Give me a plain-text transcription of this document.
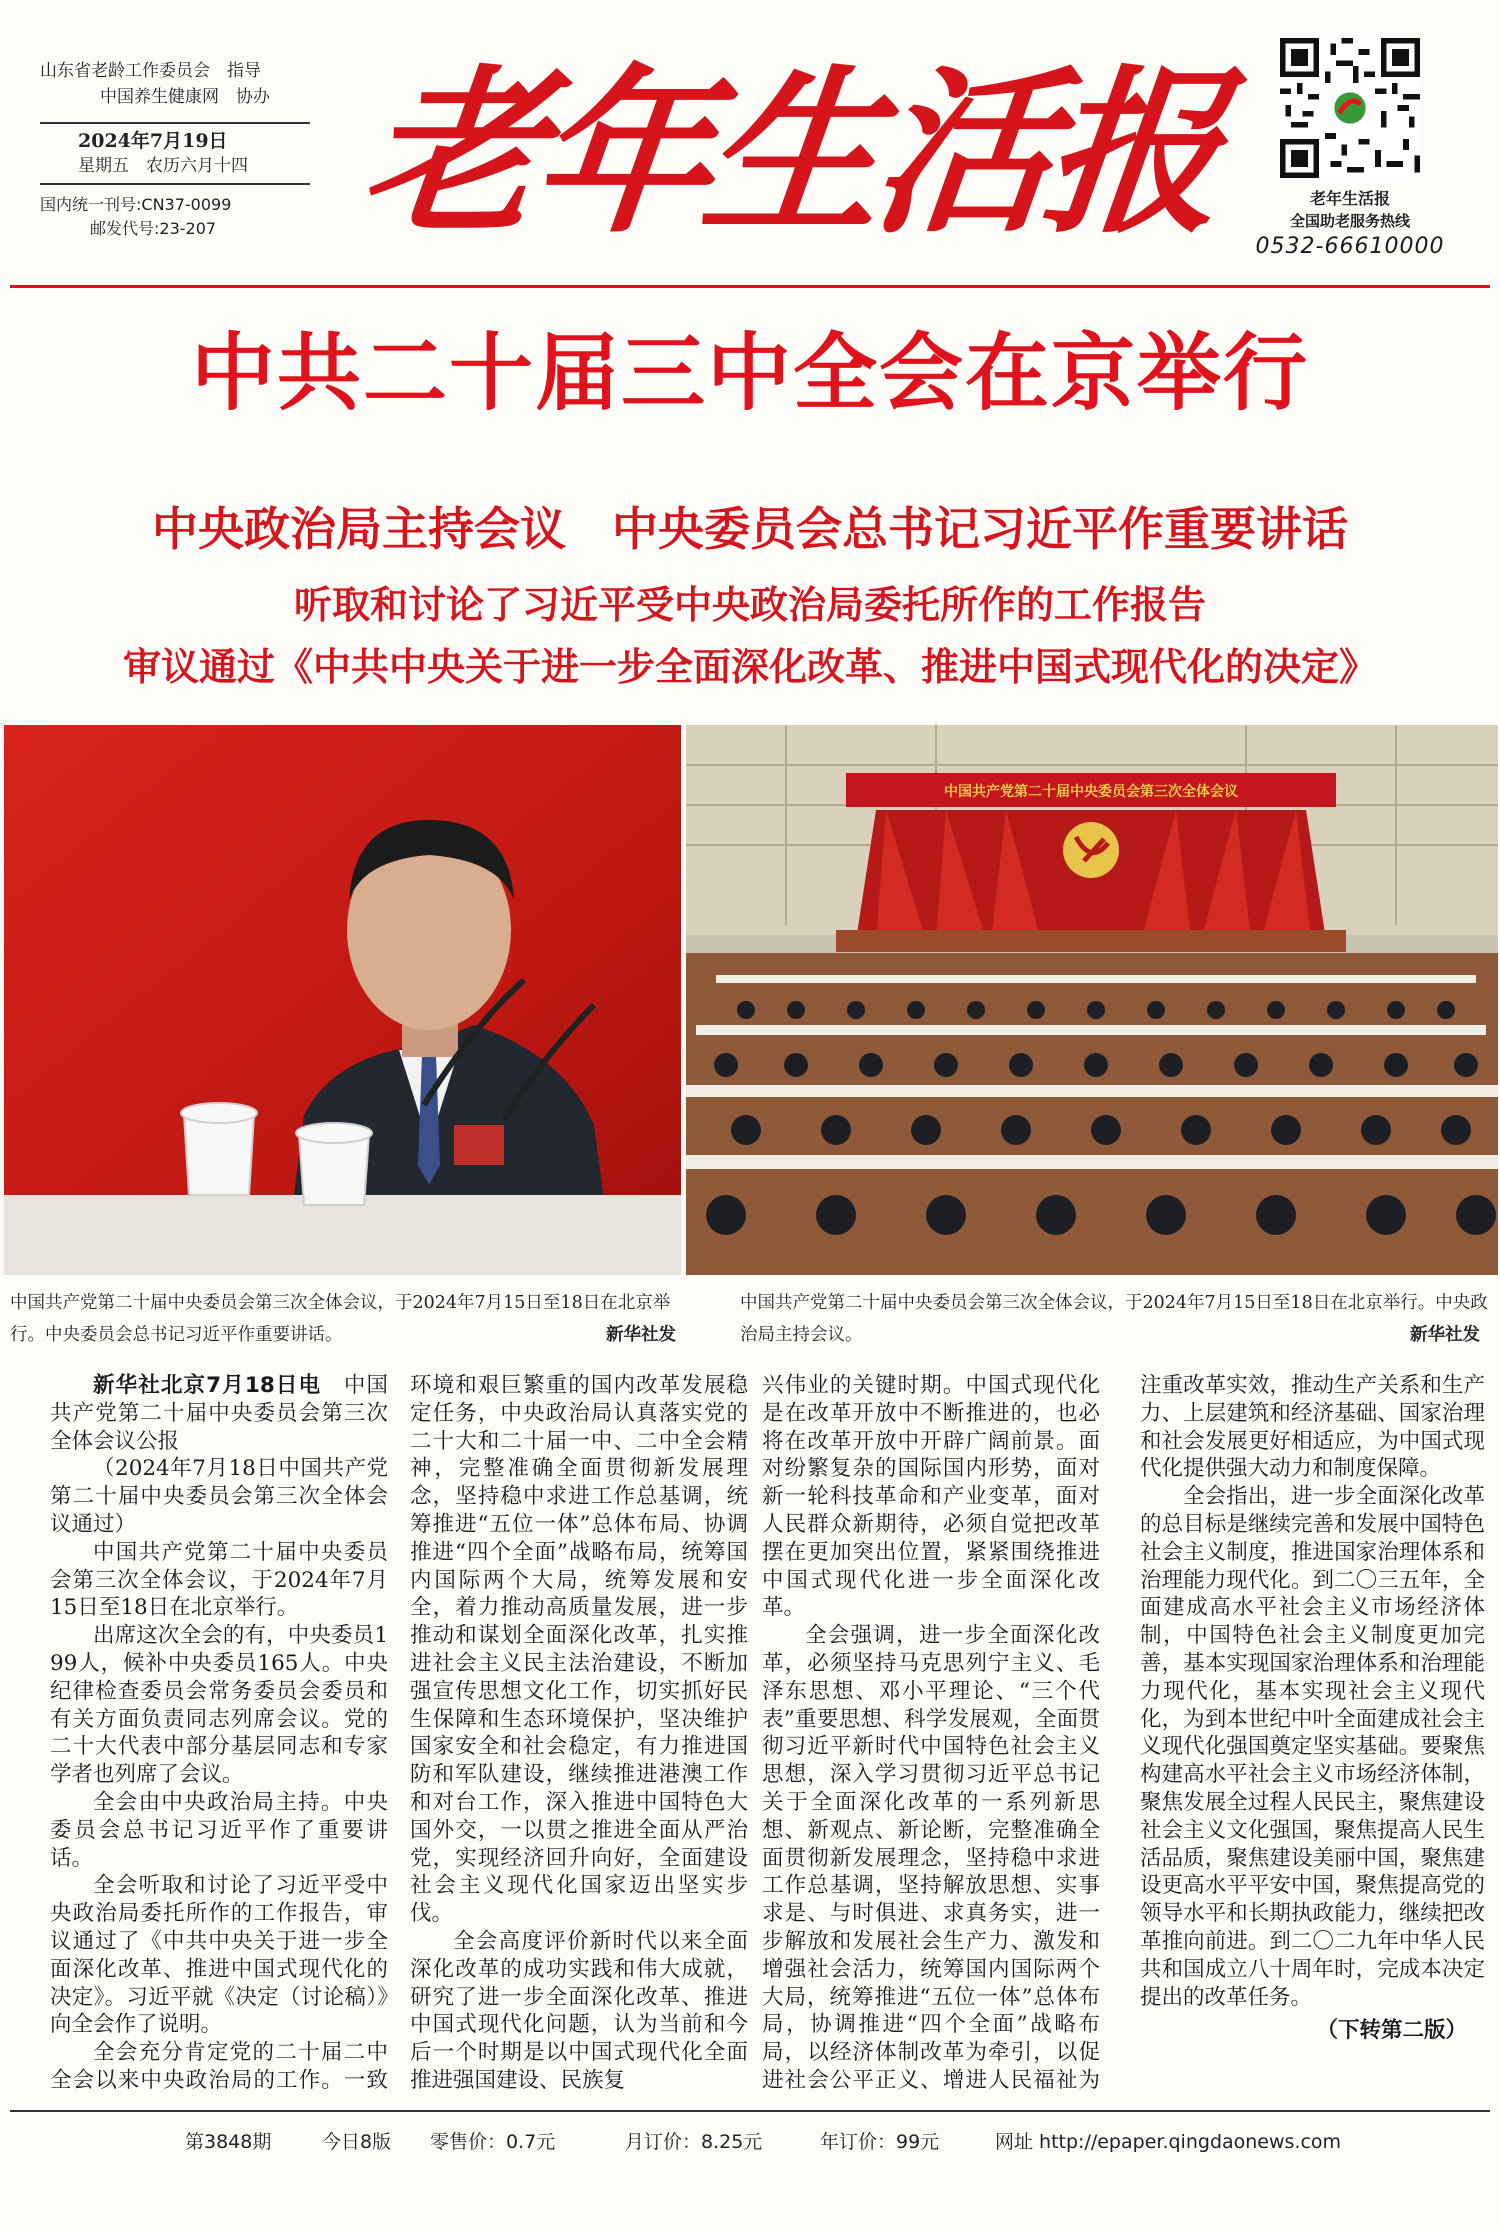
山东省老龄工作委员会　指导
中国养生健康网　协办
2024年7月19日
星期五　农历六月十四
国内统一刊号:CN37-0099
邮发代号:23-207 老年生活报	老年生活报
全国助老服务热线
0532-66610000
中共二十届三中全会在京举行
中央政治局主持会议　中央委员会总书记习近平作重要讲话
听取和讨论了习近平受中央政治局委托所作的工作报告
审议通过《中共中央关于进一步全面深化改革、推进中国式现代化的决定》
中国共产党第二十届中央委员会第三次全体会议
中国共产党第二十届中央委员会第三次全体会议，于2024年7月15日至18日在北京举行。中央委员会总书记习近平作重要讲话。	新华社发
中国共产党第二十届中央委员会第三次全体会议，于2024年7月15日至18日在北京举行。中央政治局主持会议。	新华社发

新华社北京7月18日电　 中国共产党第二十届中央委员会第三次全体会议公报

（2024年7月18日中国共产党第二十届中央委员会第三次全体会议通过）

中国共产党第二十届中央委员会第三次全体会议，于2024年7月15日至18日在北京举行。

出席这次全会的有，中央委员199人，候补中央委员165人。中央纪律检查委员会常务委员会委员和有关方面负责同志列席会议。党的二十大代表中部分基层同志和专家学者也列席了会议。

全会由中央政治局主持。中央委员会总书记习近平作了重要讲话。

全会听取和讨论了习近平受中央政治局委托所作的工作报告，审议通过了《中共中央关于进一步全面深化改革、推进中国式现代化的决定》。习近平就《决定（讨论稿）》向全会作了说明。

全会充分肯定党的二十届二中全会以来中央政治局的工作。一致

环境和艰巨繁重的国内改革发展稳定任务，中央政治局认真落实党的二十大和二十届一中、二中全会精神，完整准确全面贯彻新发展理念，坚持稳中求进工作总基调，统筹推进“五位一体”总体布局、协调推进“四个全面”战略布局，统筹国内国际两个大局，统筹发展和安全，着力推动高质量发展，进一步推动和谋划全面深化改革，扎实推进社会主义民主法治建设，不断加强宣传思想文化工作，切实抓好民生保障和生态环境保护，坚决维护国家安全和社会稳定，有力推进国防和军队建设，继续推进港澳工作和对台工作，深入推进中国特色大国外交，一以贯之推进全面从严治党，实现经济回升向好，全面建设社会主义现代化国家迈出坚实步伐。

全会高度评价新时代以来全面深化改革的成功实践和伟大成就，研究了进一步全面深化改革、推进中国式现代化问题，认为当前和今后一个时期是以中国式现代化全面推进强国建设、民族复

兴伟业的关键时期。中国式现代化是在改革开放中不断推进的，也必将在改革开放中开辟广阔前景。面对纷繁复杂的国际国内形势，面对新一轮科技革命和产业变革，面对人民群众新期待，必须自觉把改革摆在更加突出位置，紧紧围绕推进中国式现代化进一步全面深化改革。

全会强调，进一步全面深化改革，必须坚持马克思列宁主义、毛泽东思想、邓小平理论、“三个代表”重要思想、科学发展观，全面贯彻习近平新时代中国特色社会主义思想，深入学习贯彻习近平总书记关于全面深化改革的一系列新思想、新观点、新论断，完整准确全面贯彻新发展理念，坚持稳中求进工作总基调，坚持解放思想、实事求是、与时俱进、求真务实，进一步解放和发展社会生产力、激发和增强社会活力，统筹国内国际两个大局，统筹推进“五位一体”总体布局，协调推进“四个全面”战略布局，以经济体制改革为牵引，以促进社会公平正义、增进人民福祉为

注重改革实效，推动生产关系和生产力、上层建筑和经济基础、国家治理和社会发展更好相适应，为中国式现代化提供强大动力和制度保障。

全会指出，进一步全面深化改革的总目标是继续完善和发展中国特色社会主义制度，推进国家治理体系和治理能力现代化。到二〇三五年，全面建成高水平社会主义市场经济体制，中国特色社会主义制度更加完善，基本实现国家治理体系和治理能力现代化，基本实现社会主义现代化，为到本世纪中叶全面建成社会主义现代化强国奠定坚实基础。要聚焦构建高水平社会主义市场经济体制，聚焦发展全过程人民民主，聚焦建设社会主义文化强国，聚焦提高人民生活品质，聚焦建设美丽中国，聚焦建设更高水平平安中国，聚焦提高党的领导水平和长期执政能力，继续把改革推向前进。到二〇二九年中华人民共和国成立八十周年时，完成本决定提出的改革任务。

（下转第二版）
第3848期	今日8版 零售价：0.7元	月订价：8.25元	年订价：99元	网址 http://epaper.qingdaonews.com
